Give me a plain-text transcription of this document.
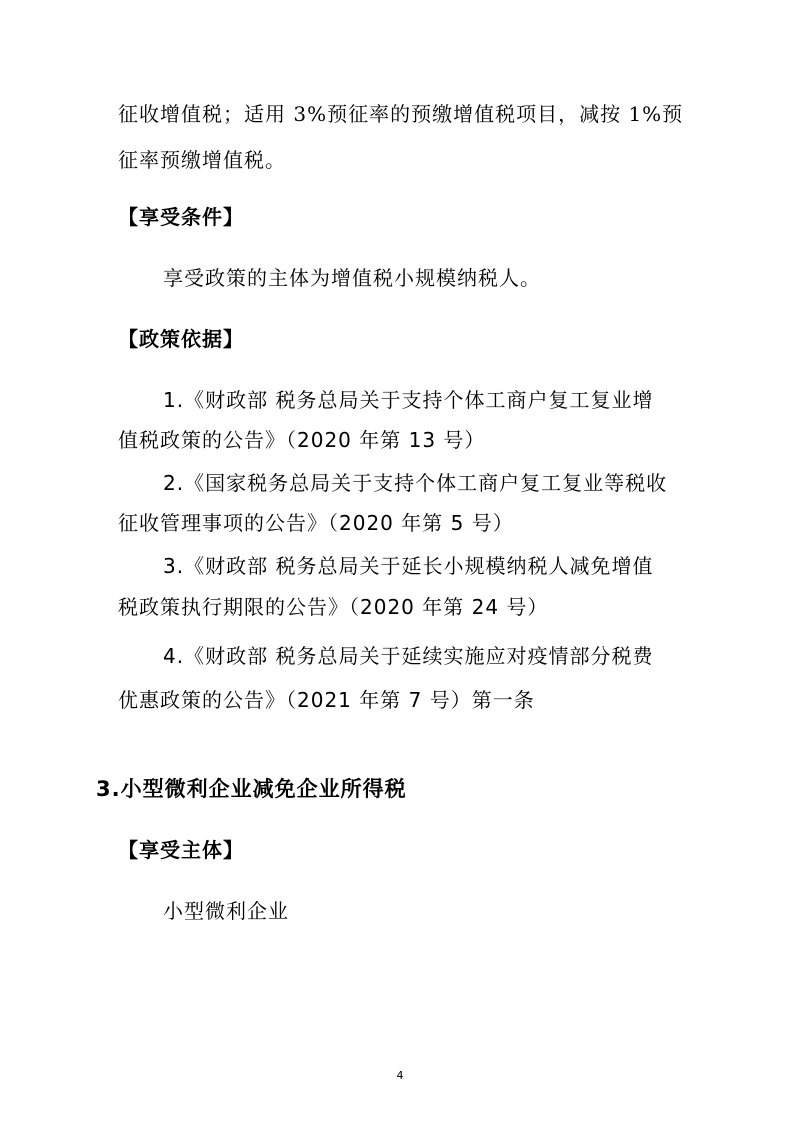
征收增值税；适用 3%预征率的预缴增值税项目，减按 1%预
征率预缴增值税。
【享受条件】
享受政策的主体为增值税小规模纳税人。
【政策依据】
1.《财政部 税务总局关于支持个体工商户复工复业增
值税政策的公告》（2020 年第 13 号）
2.《国家税务总局关于支持个体工商户复工复业等税收
征收管理事项的公告》（2020 年第 5 号）
3.《财政部 税务总局关于延长小规模纳税人减免增值
税政策执行期限的公告》（2020 年第 24 号）
4.《财政部 税务总局关于延续实施应对疫情部分税费
优惠政策的公告》（2021 年第 7 号）第一条
3.小型微利企业减免企业所得税
【享受主体】
小型微利企业
4
